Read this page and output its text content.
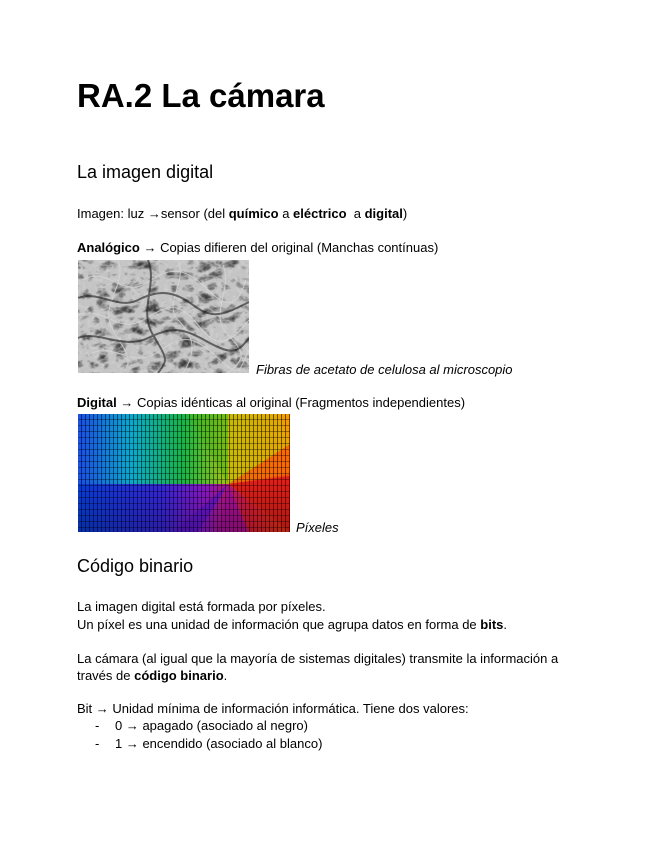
RA.2 La cámara
La imagen digital
Imagen: luz →sensor (del químico a eléctrico  a digital)
Analógico → Copias difieren del original (Manchas contínuas)
Fibras de acetato de celulosa al microscopio
Digital → Copias idénticas al original (Fragmentos independientes)
Píxeles
Código binario
La imagen digital está formada por píxeles.
Un píxel es una unidad de información que agrupa datos en forma de bits.
La cámara (al igual que la mayoría de sistemas digitales) transmite la información a
través de código binario.
Bit → Unidad mínima de información informática. Tiene dos valores:
- 0 → apagado (asociado al negro)
- 1 → encendido (asociado al blanco)
